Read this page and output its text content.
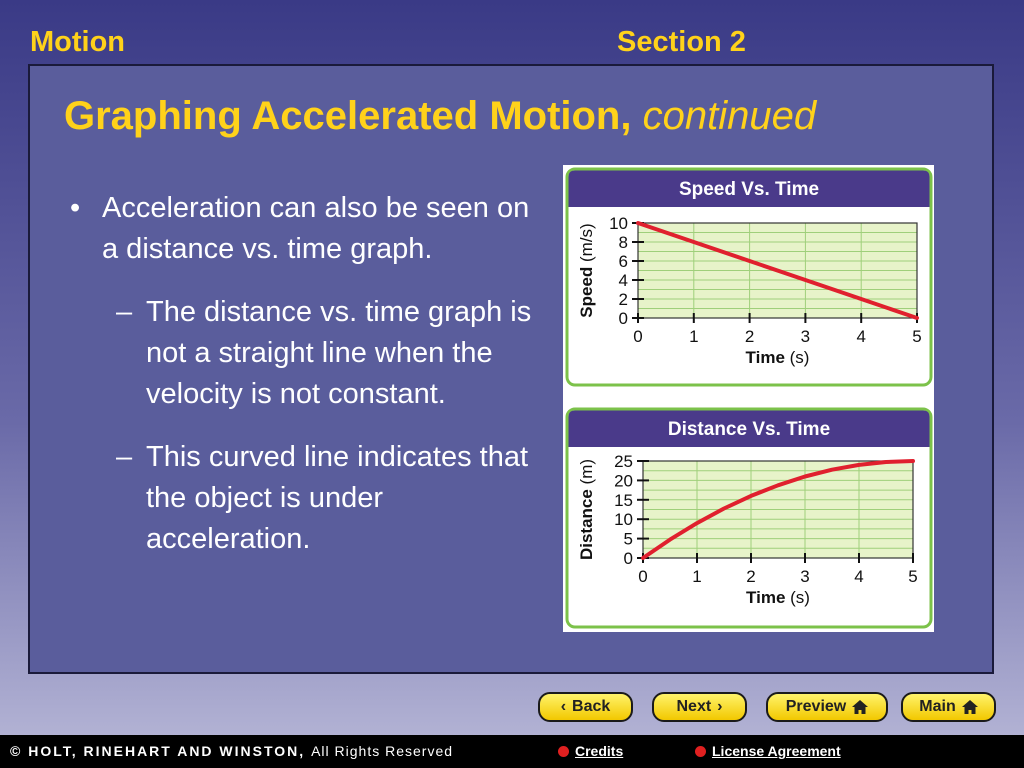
Motion	Section 2
Graphing Accelerated Motion, continued
• Acceleration can also be seen on a distance vs. time graph.
– The distance vs. time graph is not a straight line when the velocity is not constant.
– This curved line indicates that the object is under acceleration.
Speed Vs. Time
0	1	2	3	4	5
0
2
4
6
8
10
Time (s)
Speed (m/s)
Distance Vs. Time
0	1	2	3	4	5
0
5
10
15
20
25
Time (s)
Distance (m)
‹ Back	Next ›	Preview	Main
© HOLT, RINEHART AND WINSTON, All Rights Reserved	Credits	License Agreement
